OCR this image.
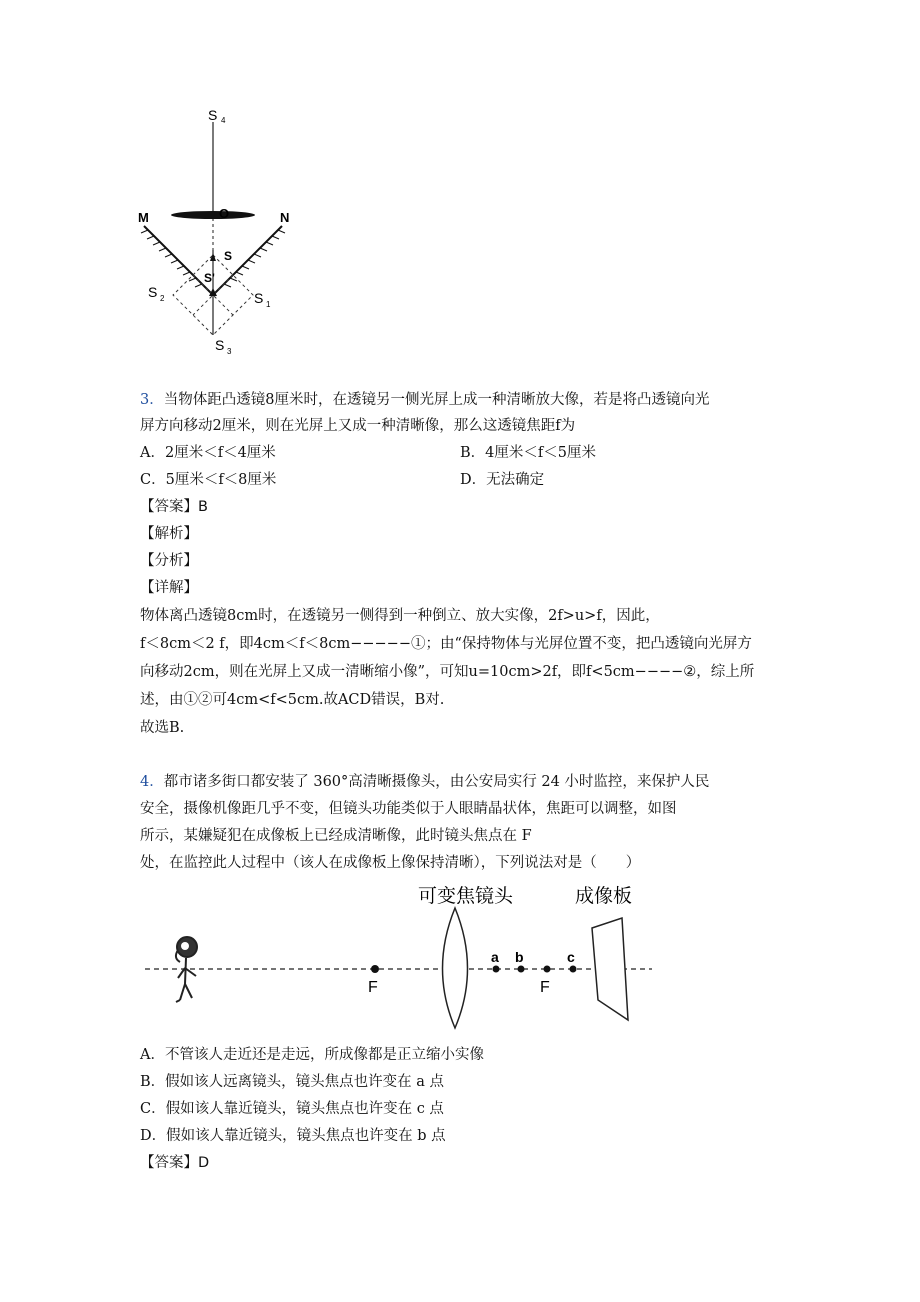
S 4
O
M	N
S
S'
S 2	S 1
S 3
3．当物体距凸透镜8厘米时，在透镜另一侧光屏上成一种清晰放大像，若是将凸透镜向光
屏方向移动2厘米，则在光屏上又成一种清晰像，那么这透镜焦距f为
A．2厘米＜f＜4厘米	B．4厘米＜f＜5厘米
C．5厘米＜f＜8厘米	D．无法确定
【答案】B
【解析】
【分析】
【详解】
物体离凸透镜8cm时，在透镜另一侧得到一种倒立、放大实像，2f>u>f，因此，
f＜8cm＜2 f，即4cm＜f＜8cm−−−−−①；由“保持物体与光屏位置不变，把凸透镜向光屏方
向移动2cm，则在光屏上又成一清晰缩小像”，可知u=10cm>2f，即f<5cm−−−−②，综上所
述，由①②可4cm<f<5cm.故ACD错误，B对.
故选B.
4．都市诸多街口都安装了 360°高清晰摄像头，由公安局实行 24 小时监控，来保护人民
安全，摄像机像距几乎不变，但镜头功能类似于人眼睛晶状体，焦距可以调整，如图
所示，某嫌疑犯在成像板上已经成清晰像，此时镜头焦点在 F
处，在监控此人过程中（该人在成像板上像保持清晰），下列说法对是（　　）
F
可变焦镜头
a b
F
c
成像板
A．不管该人走近还是走远，所成像都是正立缩小实像
B．假如该人远离镜头，镜头焦点也许变在 a 点
C．假如该人靠近镜头，镜头焦点也许变在 c 点
D．假如该人靠近镜头，镜头焦点也许变在 b 点
【答案】D
